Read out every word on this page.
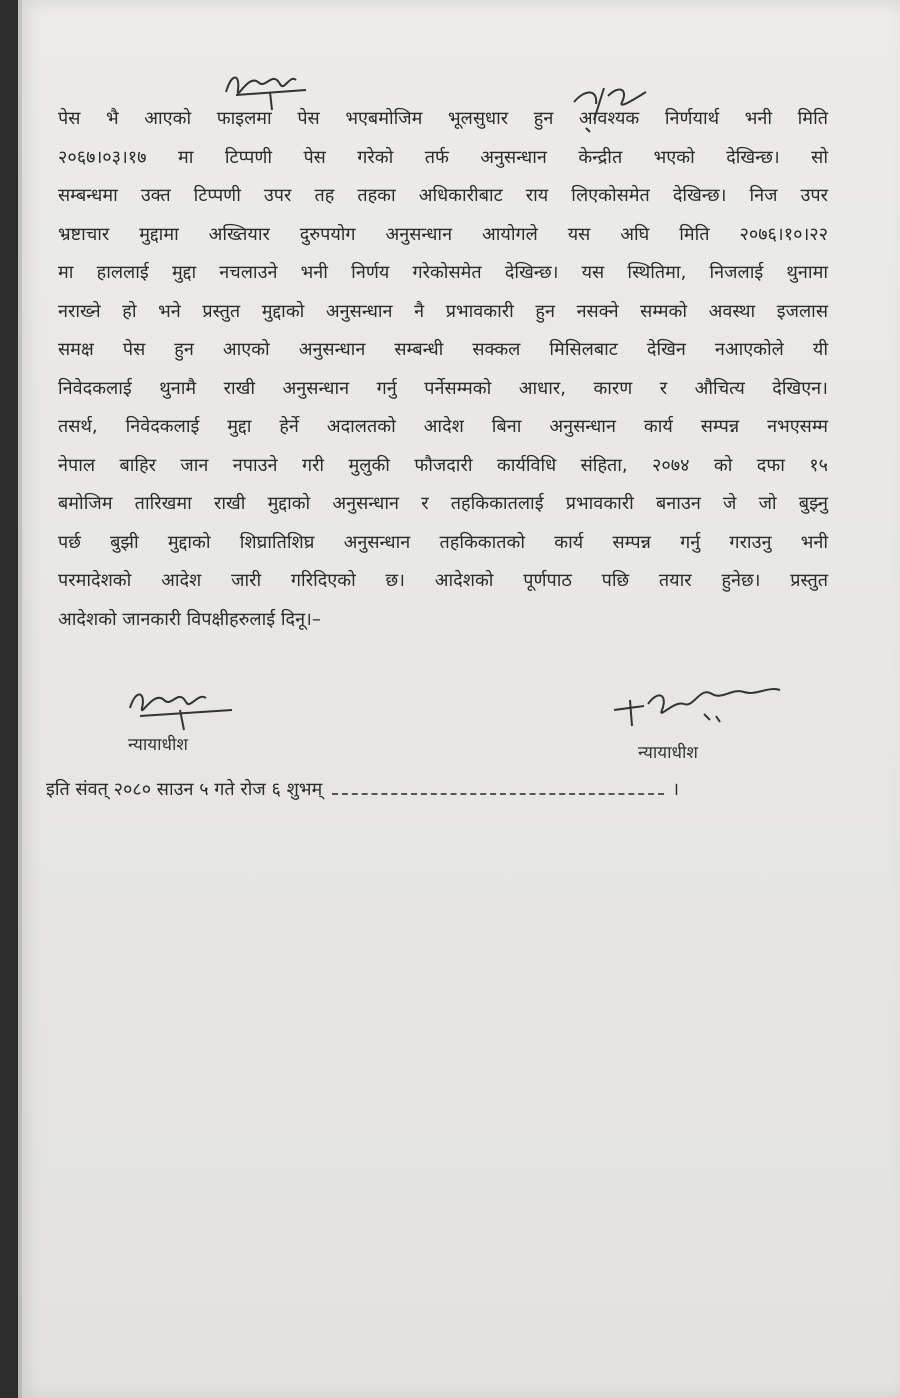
पेस भै आएको फाइलमा पेस भएबमोजिम भूलसुधार हुन आवश्यक निर्णयार्थ भनी मिति
२०६७।०३।१७ मा टिप्पणी पेस गरेको तर्फ अनुसन्धान केन्द्रीत भएको देखिन्छ। सो
सम्बन्धमा उक्त टिप्पणी उपर तह तहका अधिकारीबाट राय लिएकोसमेत देखिन्छ। निज उपर
भ्रष्टाचार मुद्दामा अख्तियार दुरुपयोग अनुसन्धान आयोगले यस अघि मिति २०७६।१०।२२
मा हाललाई मुद्दा नचलाउने भनी निर्णय गरेकोसमेत देखिन्छ। यस स्थितिमा, निजलाई थुनामा
नराख्ने हो भने प्रस्तुत मुद्दाको अनुसन्धान नै प्रभावकारी हुन नसक्ने सम्मको अवस्था इजलास
समक्ष पेस हुन आएको अनुसन्धान सम्बन्धी सक्कल मिसिलबाट देखिन नआएकोले यी
निवेदकलाई थुनामै राखी अनुसन्धान गर्नु पर्नेसम्मको आधार, कारण र औचित्य देखिएन।
तसर्थ, निवेदकलाई मुद्दा हेर्ने अदालतको आदेश बिना अनुसन्धान कार्य सम्पन्न नभएसम्म
नेपाल बाहिर जान नपाउने गरी मुलुकी फौजदारी कार्यविधि संहिता, २०७४ को दफा १५
बमोजिम तारिखमा राखी मुद्दाको अनुसन्धान र तहकिकातलाई प्रभावकारी बनाउन जे जो बुझ्नु
पर्छ बुझी मुद्दाको शिघ्रातिशिघ्र अनुसन्धान तहकिकातको कार्य सम्पन्न गर्नु गराउनु भनी
परमादेशको आदेश जारी गरिदिएको छ। आदेशको पूर्णपाठ पछि तयार हुनेछ। प्रस्तुत
आदेशको जानकारी विपक्षीहरुलाई दिनू।–
न्यायाधीश	न्यायाधीश
इति संवत् २०८० साउन ५ गते रोज ६ शुभम्	।
